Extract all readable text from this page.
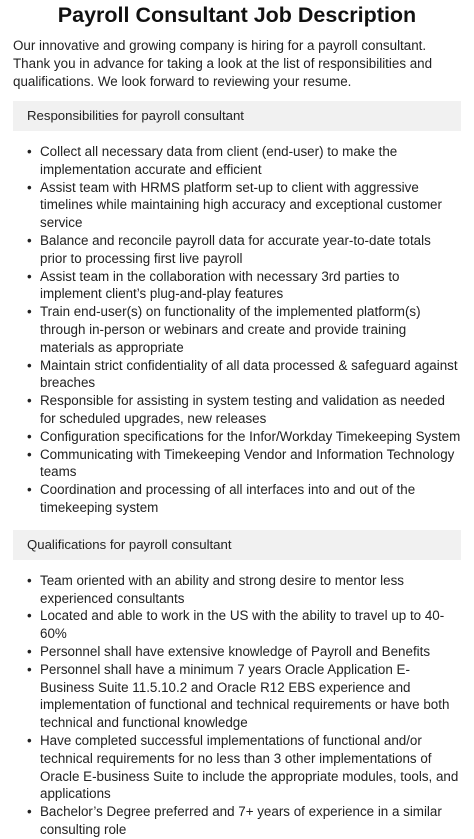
Payroll Consultant Job Description

Our innovative and growing company is hiring for a payroll consultant. Thank you in advance for taking a look at the list of responsibilities and qualifications. We look forward to reviewing your resume.

Responsibilities for payroll consultant
• Collect all necessary data from client (end-user) to make the implementation accurate and efficient
• Assist team with HRMS platform set-up to client with aggressive timelines while maintaining high accuracy and exceptional customer service
• Balance and reconcile payroll data for accurate year-to-date totals prior to processing first live payroll
• Assist team in the collaboration with necessary 3rd parties to implement client’s plug-and-play features
• Train end-user(s) on functionality of the implemented platform(s) through in-person or webinars and create and provide training materials as appropriate
• Maintain strict confidentiality of all data processed & safeguard against breaches
• Responsible for assisting in system testing and validation as needed for scheduled upgrades, new releases
• Configuration specifications for the Infor/Workday Timekeeping System
• Communicating with Timekeeping Vendor and Information Technology teams
• Coordination and processing of all interfaces into and out of the timekeeping system
Qualifications for payroll consultant
• Team oriented with an ability and strong desire to mentor less experienced consultants
• Located and able to work in the US with the ability to travel up to 40-60%
• Personnel shall have extensive knowledge of Payroll and Benefits
• Personnel shall have a minimum 7 years Oracle Application E-Business Suite 11.5.10.2 and Oracle R12 EBS experience and implementation of functional and technical requirements or have both technical and functional knowledge
• Have completed successful implementations of functional and/or technical requirements for no less than 3 other implementations of Oracle E-business Suite to include the appropriate modules, tools, and applications
• Bachelor’s Degree preferred and 7+ years of experience in a similar consulting role
